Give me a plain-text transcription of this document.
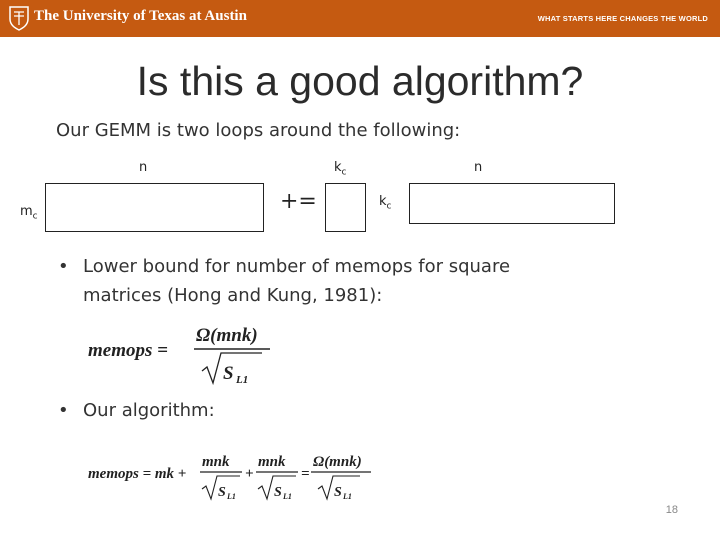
The University of Texas at Austin	WHAT STARTS HERE CHANGES THE WORLD
Is this a good algorithm?
Our GEMM is two loops around the following:
n	$k_c$	n
$m_c$
+=	$k_c$
• Lower bound for number of memops for square
matrices (Hong and Kung, 1981):
memops =
Ω(mnk)
S L1
• Our algorithm:
memops = mk +
mnk
S L1
+
mnk
S L1
=
Ω(mnk)
S L1
18
